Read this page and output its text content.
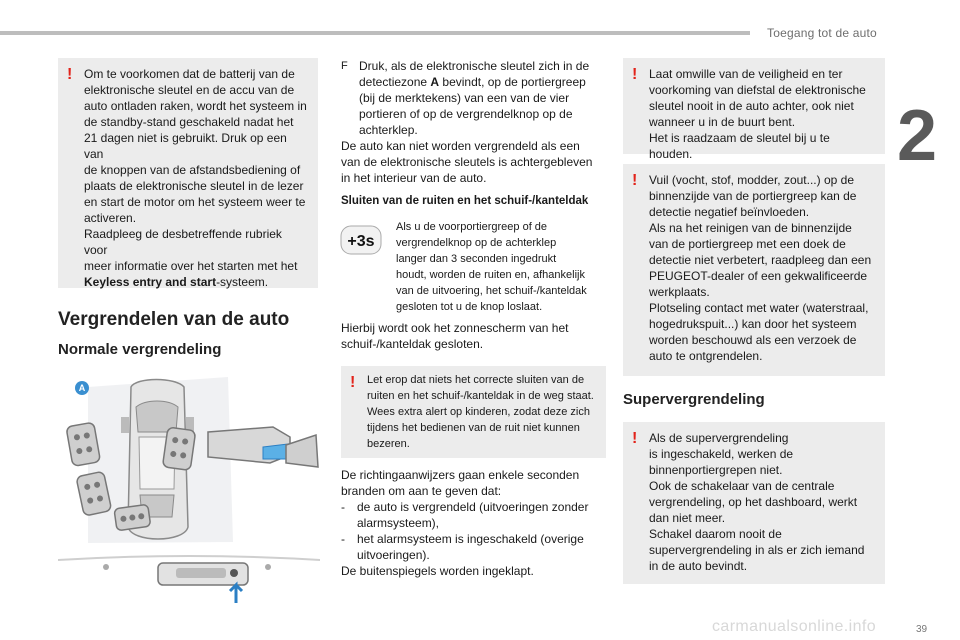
Toegang tot de auto
2
! Om te voorkomen dat de batterij van de
elektronische sleutel en de accu van de
auto ontladen raken, wordt het systeem in
de standby-stand geschakeld nadat het
21 dagen niet is gebruikt. Druk op een van
de knoppen van de afstandsbediening of
plaats de elektronische sleutel in de lezer
en start de motor om het systeem weer te
activeren.
Raadpleeg de desbetreffende rubriek voor
meer informatie over het starten met het
Keyless entry and start-systeem.

Vergrendelen van de auto
Normale vergrendeling
A
F Druk, als de elektronische sleutel zich in de
detectiezone A bevindt, op de portiergreep
(bij de merktekens) van een van de vier
portieren of op de vergrendelknop op de
achterklep.

De auto kan niet worden vergrendeld als een
van de elektronische sleutels is achtergebleven
in het interieur van de auto.

Sluiten van de ruiten en het schuif-/kanteldak
+3s
Als u de voorportiergreep of de
vergrendelknop op de achterklep
langer dan 3 seconden ingedrukt
houdt, worden de ruiten en, afhankelijk
van de uitvoering, het schuif-/kanteldak
gesloten tot u de knop loslaat.
Hierbij wordt ook het zonnescherm van het
schuif-/kanteldak gesloten.
! Let erop dat niets het correcte sluiten van de
ruiten en het schuif-/kanteldak in de weg staat.
Wees extra alert op kinderen, zodat deze zich
tijdens het bedienen van de ruit niet kunnen
bezeren.

De richtingaanwijzers gaan enkele seconden
branden om aan te geven dat:

- de auto is vergrendeld (uitvoeringen zonder
alarmsysteem),
- het alarmsysteem is ingeschakeld (overige
uitvoeringen).

De buitenspiegels worden ingeklapt.

! Laat omwille van de veiligheid en ter
voorkoming van diefstal de elektronische
sleutel nooit in de auto achter, ook niet
wanneer u in de buurt bent.
Het is raadzaam de sleutel bij u te houden.

! Vuil (vocht, stof, modder, zout...) op de
binnenzijde van de portiergreep kan de
detectie negatief beïnvloeden.
Als na het reinigen van de binnenzijde
van de portiergreep met een doek de
detectie niet verbetert, raadpleeg dan een
PEUGEOT-dealer of een gekwalificeerde
werkplaats.
Plotseling contact met water (waterstraal,
hogedrukspuit...) kan door het systeem
worden beschouwd als een verzoek de
auto te ontgrendelen.

Supervergrendeling
! Als de supervergrendeling
is ingeschakeld, werken de
binnenportiergrepen niet.
Ook de schakelaar van de centrale
vergrendeling, op het dashboard, werkt
dan niet meer.
Schakel daarom nooit de
supervergrendeling in als er zich iemand
in de auto bevindt.

carmanualsonline.info	39
